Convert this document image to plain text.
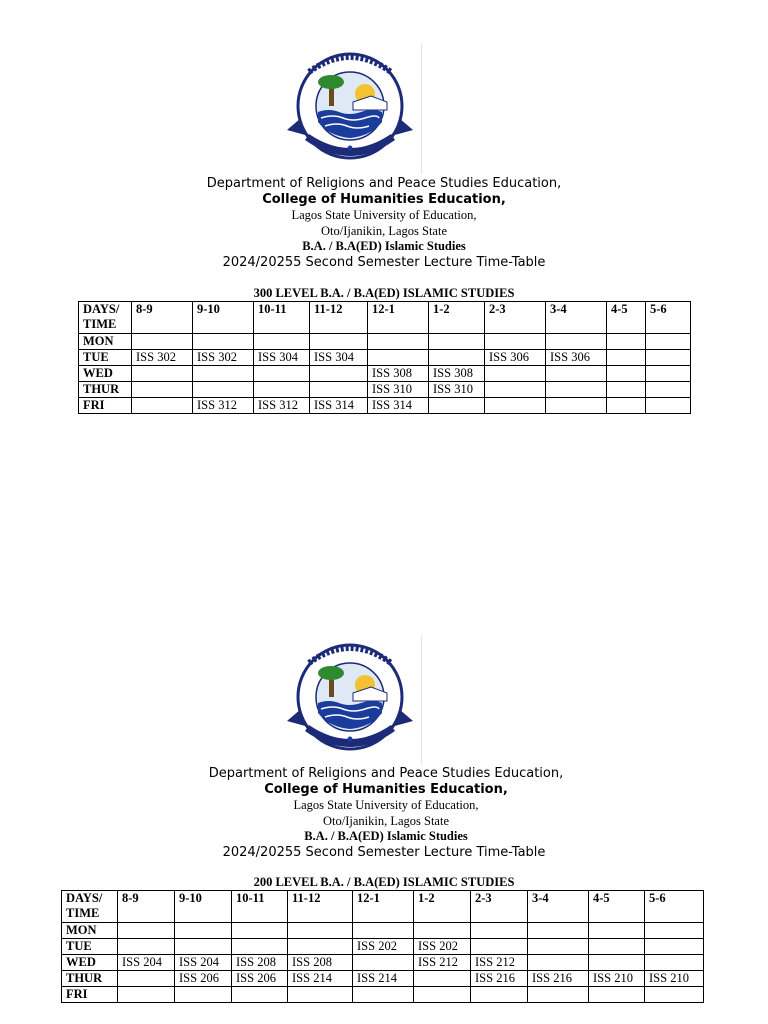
Department of Religions and Peace Studies Education,
College of Humanities Education,
Lagos State University of Education,
Oto/Ijanikin, Lagos State
B.A. / B.A(ED) Islamic Studies
2024/20255 Second Semester Lecture Time-Table
300 LEVEL B.A. / B.A(ED) ISLAMIC STUDIES
DAYS/
TIME	8-9	9-10	10-11	11-12	12-1	1-2	2-3	3-4	4-5	5-6
MON										
TUE	ISS 302	ISS 302	ISS 304	ISS 304			ISS 306	ISS 306		
WED					ISS 308	ISS 308				
THUR					ISS 310	ISS 310				
FRI		ISS 312	ISS 312	ISS 314	ISS 314					
Department of Religions and Peace Studies Education,
College of Humanities Education,
Lagos State University of Education,
Oto/Ijanikin, Lagos State
B.A. / B.A(ED) Islamic Studies
2024/20255 Second Semester Lecture Time-Table
200 LEVEL B.A. / B.A(ED) ISLAMIC STUDIES
DAYS/
TIME	8-9	9-10	10-11	11-12	12-1	1-2	2-3	3-4	4-5	5-6
MON										
TUE					ISS 202	ISS 202				
WED	ISS 204	ISS 204	ISS 208	ISS 208		ISS 212	ISS 212			
THUR		ISS 206	ISS 206	ISS 214	ISS 214		ISS 216	ISS 216	ISS 210	ISS 210
FRI										
